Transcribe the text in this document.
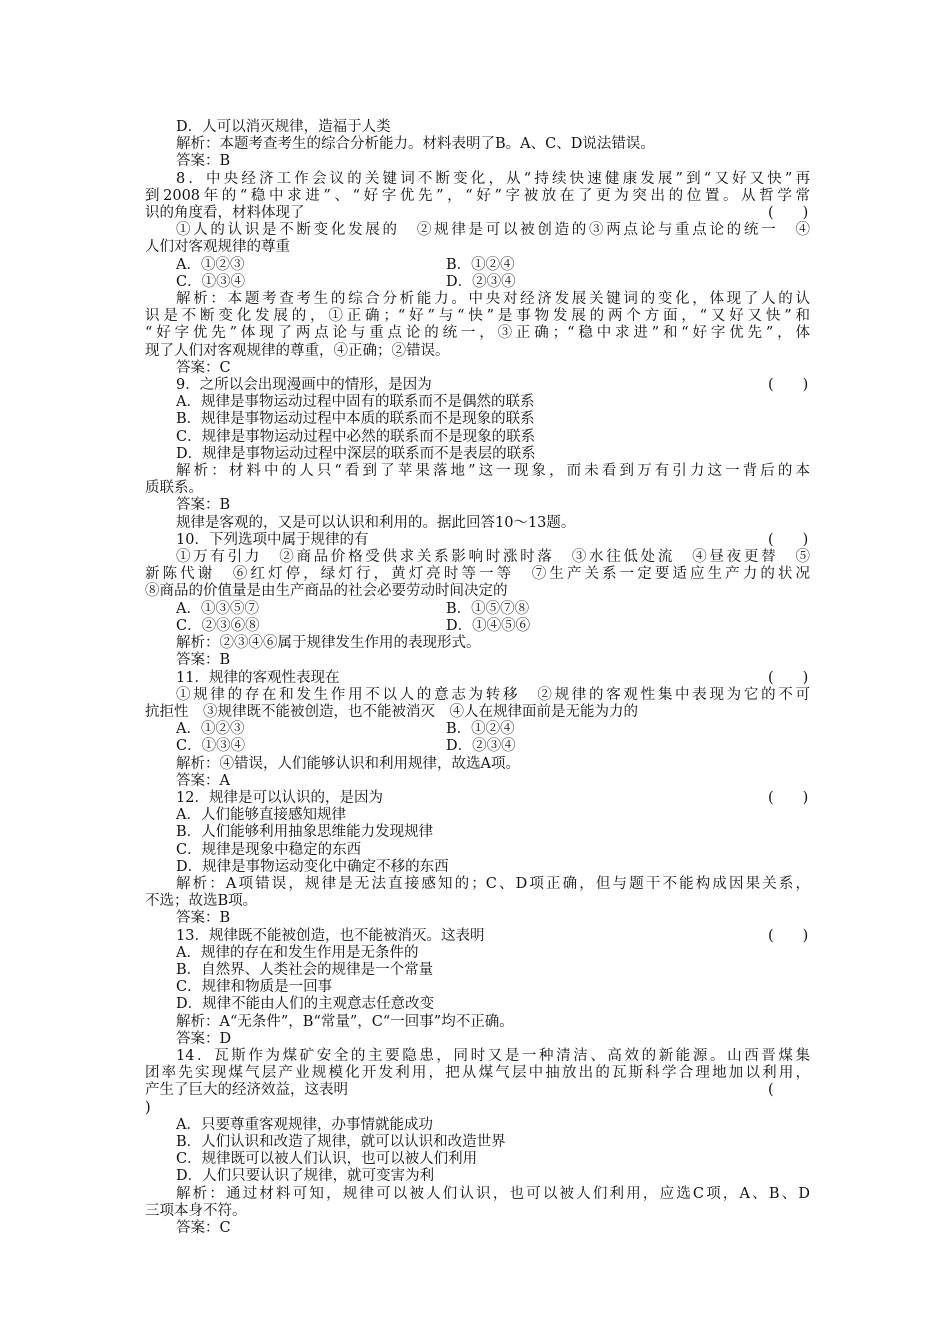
D．人可以消灭规律，造福于人类
解析：本题考查考生的综合分析能力。材料表明了B。A、C、D说法错误。
答案：B
8．中央经济工作会议的关键词不断变化，从“持续快速健康发展”到“又好又快”再
到2008年的“稳中求进”、“好字优先”，“好”字被放在了更为突出的位置。从哲学常
识的角度看，材料体现了	(　　)
①人的认识是不断变化发展的　②规律是可以被创造的③两点论与重点论的统一　④
人们对客观规律的尊重
A．①②③	B．①②④
C．①③④	D．②③④
解析：本题考查考生的综合分析能力。中央对经济发展关键词的变化，体现了人的认
识是不断变化发展的，①正确；“好”与“快”是事物发展的两个方面，“又好又快”和
“好字优先”体现了两点论与重点论的统一，③正确；“稳中求进”和“好字优先”，体
现了人们对客观规律的尊重，④正确；②错误。
答案：C
9．之所以会出现漫画中的情形，是因为	(　　)
A．规律是事物运动过程中固有的联系而不是偶然的联系
B．规律是事物运动过程中本质的联系而不是现象的联系
C．规律是事物运动过程中必然的联系而不是现象的联系
D．规律是事物运动过程中深层的联系而不是表层的联系
解析：材料中的人只“看到了苹果落地”这一现象，而未看到万有引力这一背后的本
质联系。
答案：B
规律是客观的，又是可以认识和利用的。据此回答10～13题。
10．下列选项中属于规律的有	(　　)
①万有引力　②商品价格受供求关系影响时涨时落　③水往低处流　④昼夜更替　⑤
新陈代谢　⑥红灯停，绿灯行，黄灯亮时等一等　⑦生产关系一定要适应生产力的状况
⑧商品的价值量是由生产商品的社会必要劳动时间决定的
A．①③⑤⑦	B．①⑤⑦⑧
C．②③⑥⑧	D．①④⑤⑥
解析：②③④⑥属于规律发生作用的表现形式。
答案：B
11．规律的客观性表现在	(　　)
①规律的存在和发生作用不以人的意志为转移　②规律的客观性集中表现为它的不可
抗拒性　③规律既不能被创造，也不能被消灭　④人在规律面前是无能为力的
A．①②③	B．①②④
C．①③④	D．②③④
解析：④错误，人们能够认识和利用规律，故选A项。
答案：A
12．规律是可以认识的，是因为	(　　)
A．人们能够直接感知规律
B．人们能够利用抽象思维能力发现规律
C．规律是现象中稳定的东西
D．规律是事物运动变化中确定不移的东西
解析：A项错误，规律是无法直接感知的；C、D项正确，但与题干不能构成因果关系，
不选；故选B项。
答案：B
13．规律既不能被创造，也不能被消灭。这表明	(　　)
A．规律的存在和发生作用是无条件的
B．自然界、人类社会的规律是一个常量
C．规律和物质是一回事
D．规律不能由人们的主观意志任意改变
解析：A“无条件”，B“常量”，C“一回事”均不正确。
答案：D
14．瓦斯作为煤矿安全的主要隐患，同时又是一种清洁、高效的新能源。山西晋煤集
团率先实现煤气层产业规模化开发利用，把从煤气层中抽放出的瓦斯科学合理地加以利用，
产生了巨大的经济效益，这表明	(
)
A．只要尊重客观规律，办事情就能成功
B．人们认识和改造了规律，就可以认识和改造世界
C．规律既可以被人们认识，也可以被人们利用
D．人们只要认识了规律，就可变害为利
解析：通过材料可知，规律可以被人们认识，也可以被人们利用，应选C项，A、B、D
三项本身不符。
答案：C
